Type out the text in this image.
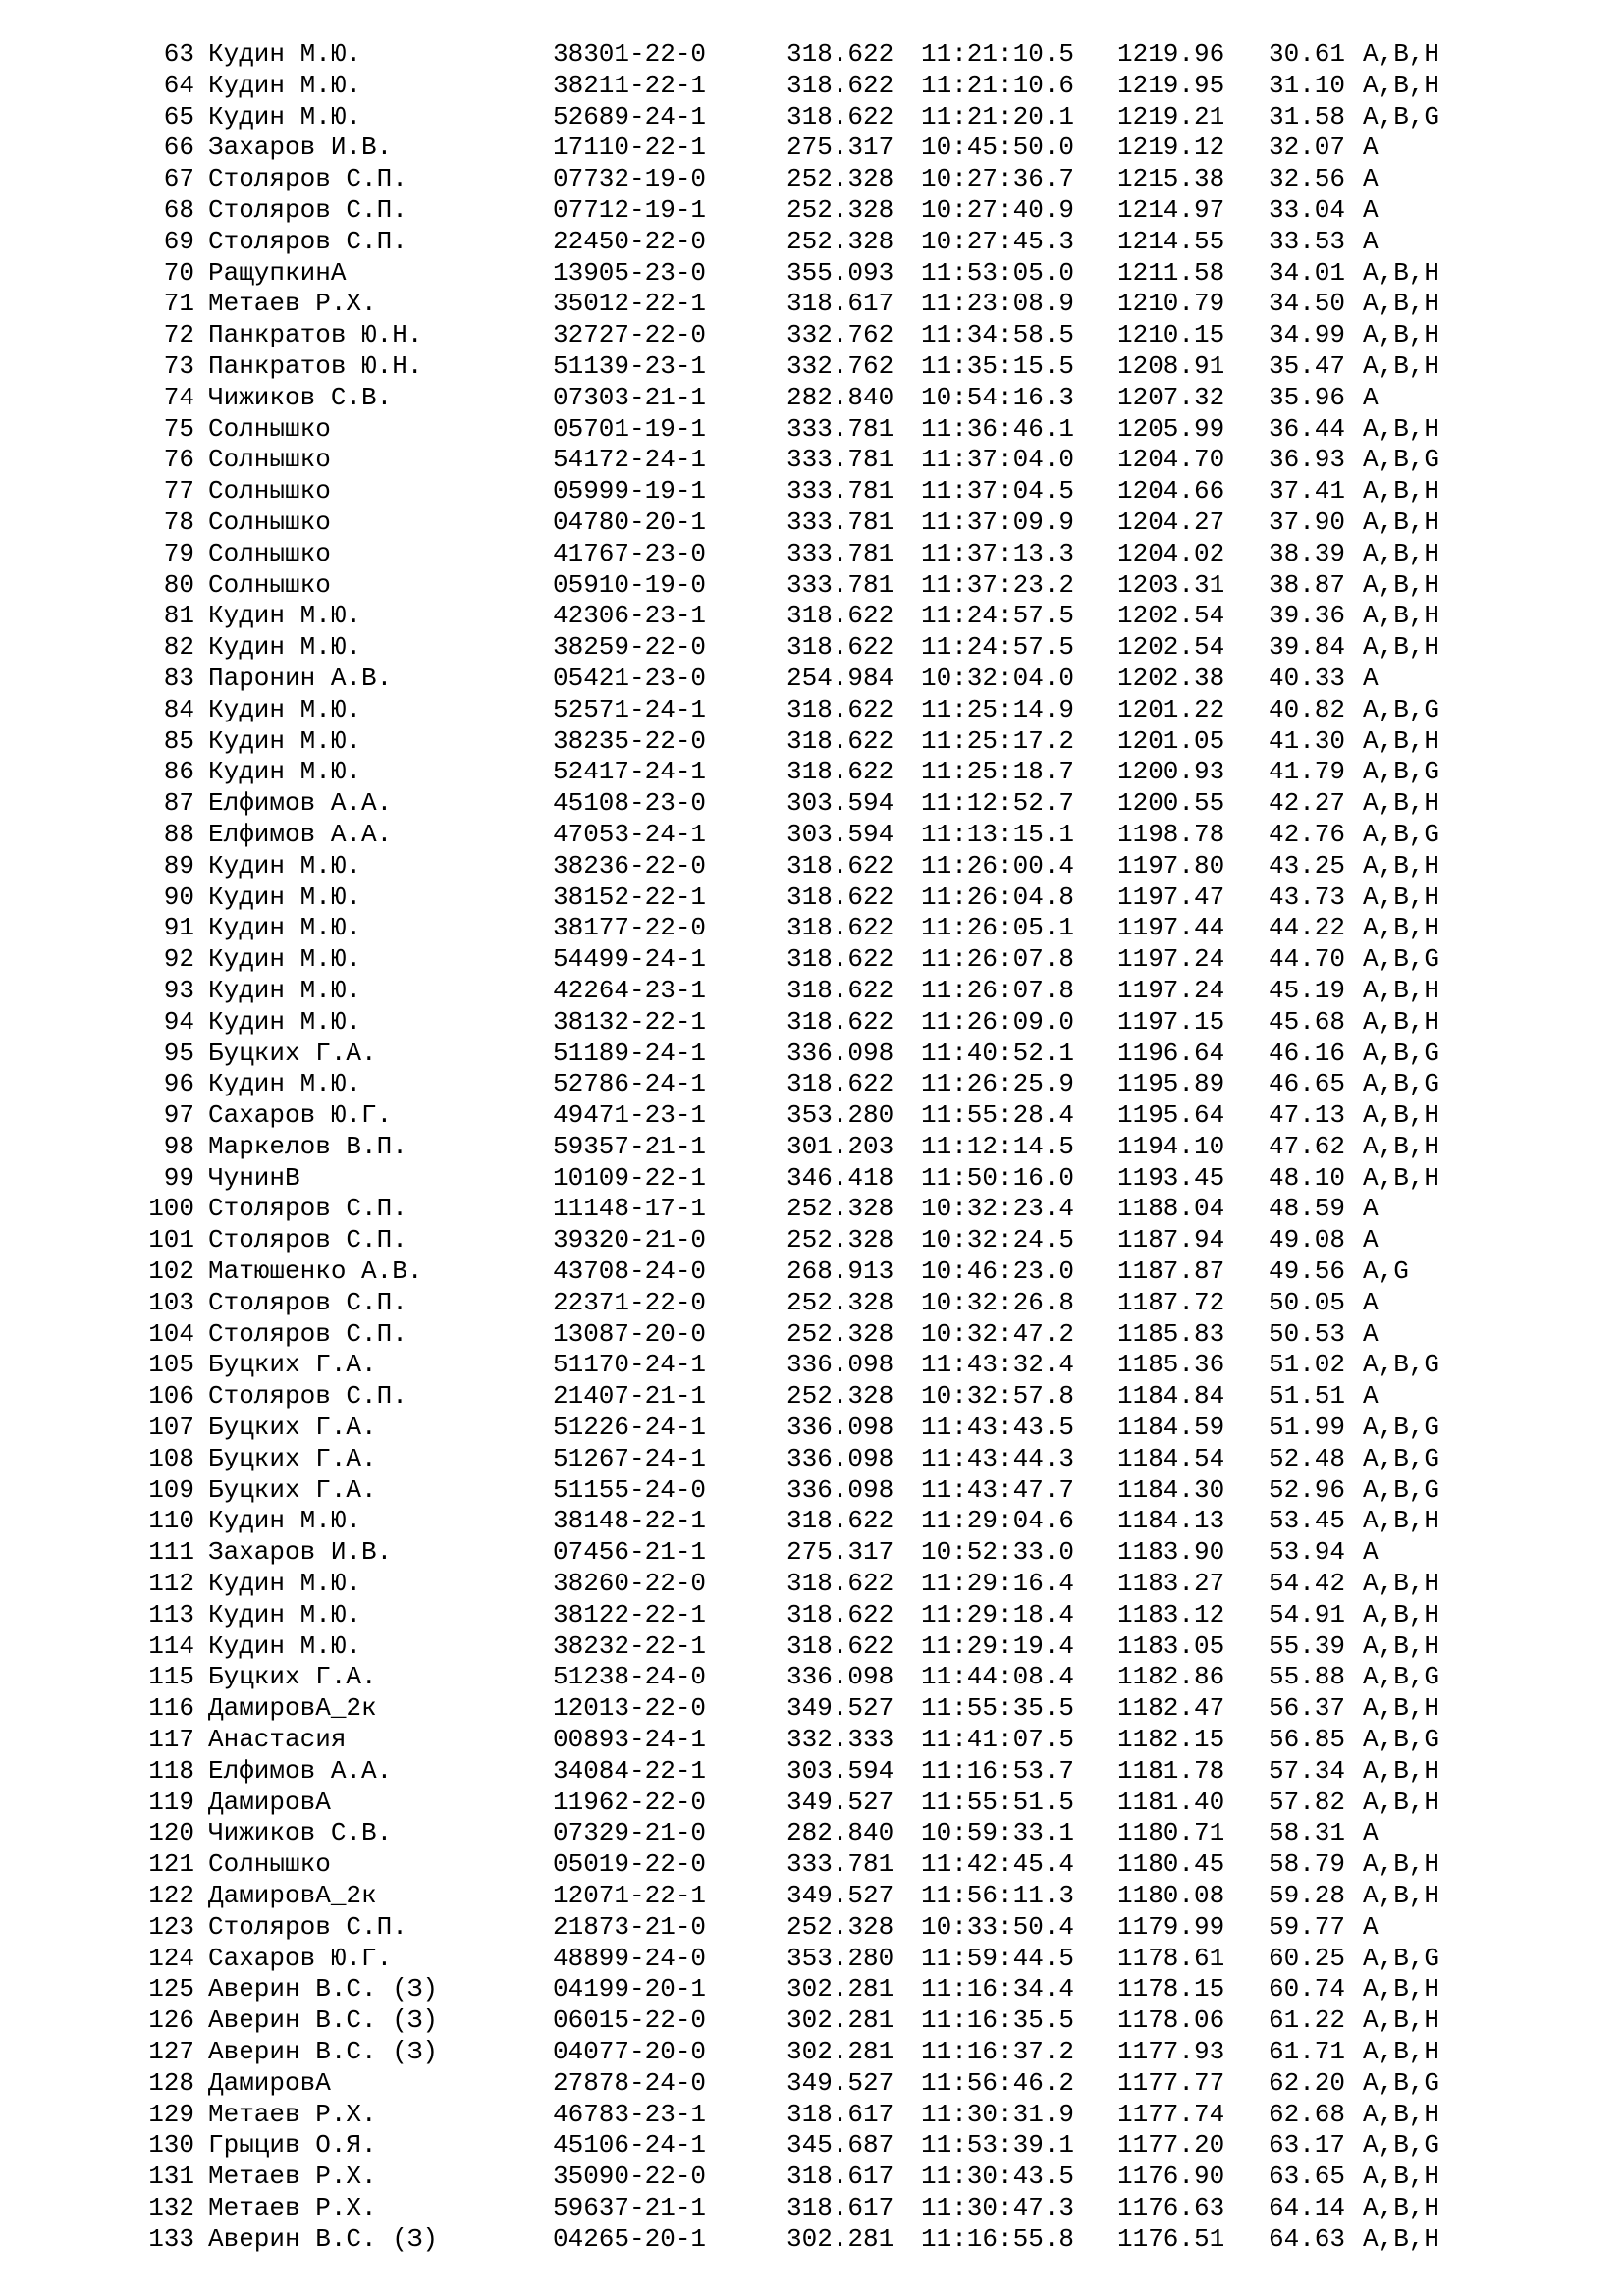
63 Кудин М.Ю.	38301-22-0	318.622 11:21:10.5 1219.96 30.61 A,B,H
64 Кудин М.Ю.	38211-22-1	318.622 11:21:10.6 1219.95 31.10 A,B,H
65 Кудин М.Ю.	52689-24-1	318.622 11:21:20.1 1219.21 31.58 A,B,G
66 Захаров И.В.	17110-22-1	275.317 10:45:50.0 1219.12 32.07 A
67 Столяров С.П.	07732-19-0	252.328 10:27:36.7 1215.38 32.56 A
68 Столяров С.П.	07712-19-1	252.328 10:27:40.9 1214.97 33.04 A
69 Столяров С.П.	22450-22-0	252.328 10:27:45.3 1214.55 33.53 A
70 РащупкинА	13905-23-0	355.093 11:53:05.0 1211.58 34.01 A,B,H
71 Метаев Р.Х.	35012-22-1	318.617 11:23:08.9 1210.79 34.50 A,B,H
72 Панкратов Ю.Н.	32727-22-0	332.762 11:34:58.5 1210.15 34.99 A,B,H
73 Панкратов Ю.Н.	51139-23-1	332.762 11:35:15.5 1208.91 35.47 A,B,H
74 Чижиков С.В.	07303-21-1	282.840 10:54:16.3 1207.32 35.96 A
75 Солнышко	05701-19-1	333.781 11:36:46.1 1205.99 36.44 A,B,H
76 Солнышко	54172-24-1	333.781 11:37:04.0 1204.70 36.93 A,B,G
77 Солнышко	05999-19-1	333.781 11:37:04.5 1204.66 37.41 A,B,H
78 Солнышко	04780-20-1	333.781 11:37:09.9 1204.27 37.90 A,B,H
79 Солнышко	41767-23-0	333.781 11:37:13.3 1204.02 38.39 A,B,H
80 Солнышко	05910-19-0	333.781 11:37:23.2 1203.31 38.87 A,B,H
81 Кудин М.Ю.	42306-23-1	318.622 11:24:57.5 1202.54 39.36 A,B,H
82 Кудин М.Ю.	38259-22-0	318.622 11:24:57.5 1202.54 39.84 A,B,H
83 Паронин А.В.	05421-23-0	254.984 10:32:04.0 1202.38 40.33 A
84 Кудин М.Ю.	52571-24-1	318.622 11:25:14.9 1201.22 40.82 A,B,G
85 Кудин М.Ю.	38235-22-0	318.622 11:25:17.2 1201.05 41.30 A,B,H
86 Кудин М.Ю.	52417-24-1	318.622 11:25:18.7 1200.93 41.79 A,B,G
87 Елфимов А.А.	45108-23-0	303.594 11:12:52.7 1200.55 42.27 A,B,H
88 Елфимов А.А.	47053-24-1	303.594 11:13:15.1 1198.78 42.76 A,B,G
89 Кудин М.Ю.	38236-22-0	318.622 11:26:00.4 1197.80 43.25 A,B,H
90 Кудин М.Ю.	38152-22-1	318.622 11:26:04.8 1197.47 43.73 A,B,H
91 Кудин М.Ю.	38177-22-0	318.622 11:26:05.1 1197.44 44.22 A,B,H
92 Кудин М.Ю.	54499-24-1	318.622 11:26:07.8 1197.24 44.70 A,B,G
93 Кудин М.Ю.	42264-23-1	318.622 11:26:07.8 1197.24 45.19 A,B,H
94 Кудин М.Ю.	38132-22-1	318.622 11:26:09.0 1197.15 45.68 A,B,H
95 Буцких Г.А.	51189-24-1	336.098 11:40:52.1 1196.64 46.16 A,B,G
96 Кудин М.Ю.	52786-24-1	318.622 11:26:25.9 1195.89 46.65 A,B,G
97 Сахаров Ю.Г.	49471-23-1	353.280 11:55:28.4 1195.64 47.13 A,B,H
98 Маркелов В.П.	59357-21-1	301.203 11:12:14.5 1194.10 47.62 A,B,H
99 ЧунинВ	10109-22-1	346.418 11:50:16.0 1193.45 48.10 A,B,H
100 Столяров С.П.	11148-17-1	252.328 10:32:23.4 1188.04 48.59 A
101 Столяров С.П.	39320-21-0	252.328 10:32:24.5 1187.94 49.08 A
102 Матюшенко А.В.	43708-24-0	268.913 10:46:23.0 1187.87 49.56 A,G
103 Столяров С.П.	22371-22-0	252.328 10:32:26.8 1187.72 50.05 A
104 Столяров С.П.	13087-20-0	252.328 10:32:47.2 1185.83 50.53 A
105 Буцких Г.А.	51170-24-1	336.098 11:43:32.4 1185.36 51.02 A,B,G
106 Столяров С.П.	21407-21-1	252.328 10:32:57.8 1184.84 51.51 A
107 Буцких Г.А.	51226-24-1	336.098 11:43:43.5 1184.59 51.99 A,B,G
108 Буцких Г.А.	51267-24-1	336.098 11:43:44.3 1184.54 52.48 A,B,G
109 Буцких Г.А.	51155-24-0	336.098 11:43:47.7 1184.30 52.96 A,B,G
110 Кудин М.Ю.	38148-22-1	318.622 11:29:04.6 1184.13 53.45 A,B,H
111 Захаров И.В.	07456-21-1	275.317 10:52:33.0 1183.90 53.94 A
112 Кудин М.Ю.	38260-22-0	318.622 11:29:16.4 1183.27 54.42 A,B,H
113 Кудин М.Ю.	38122-22-1	318.622 11:29:18.4 1183.12 54.91 A,B,H
114 Кудин М.Ю.	38232-22-1	318.622 11:29:19.4 1183.05 55.39 A,B,H
115 Буцких Г.А.	51238-24-0	336.098 11:44:08.4 1182.86 55.88 A,B,G
116 ДамировА_2к	12013-22-0	349.527 11:55:35.5 1182.47 56.37 A,B,H
117 Анастасия	00893-24-1	332.333 11:41:07.5 1182.15 56.85 A,B,G
118 Елфимов А.А.	34084-22-1	303.594 11:16:53.7 1181.78 57.34 A,B,H
119 ДамировА	11962-22-0	349.527 11:55:51.5 1181.40 57.82 A,B,H
120 Чижиков С.В.	07329-21-0	282.840 10:59:33.1 1180.71 58.31 A
121 Солнышко	05019-22-0	333.781 11:42:45.4 1180.45 58.79 A,B,H
122 ДамировА_2к	12071-22-1	349.527 11:56:11.3 1180.08 59.28 A,B,H
123 Столяров С.П.	21873-21-0	252.328 10:33:50.4 1179.99 59.77 A
124 Сахаров Ю.Г.	48899-24-0	353.280 11:59:44.5 1178.61 60.25 A,B,G
125 Аверин В.С. (З)	04199-20-1	302.281 11:16:34.4 1178.15 60.74 A,B,H
126 Аверин В.С. (З)	06015-22-0	302.281 11:16:35.5 1178.06 61.22 A,B,H
127 Аверин В.С. (З)	04077-20-0	302.281 11:16:37.2 1177.93 61.71 A,B,H
128 ДамировА	27878-24-0	349.527 11:56:46.2 1177.77 62.20 A,B,G
129 Метаев Р.Х.	46783-23-1	318.617 11:30:31.9 1177.74 62.68 A,B,H
130 Грыцив О.Я.	45106-24-1	345.687 11:53:39.1 1177.20 63.17 A,B,G
131 Метаев Р.Х.	35090-22-0	318.617 11:30:43.5 1176.90 63.65 A,B,H
132 Метаев Р.Х.	59637-21-1	318.617 11:30:47.3 1176.63 64.14 A,B,H
133 Аверин В.С. (З)	04265-20-1	302.281 11:16:55.8 1176.51 64.63 A,B,H
